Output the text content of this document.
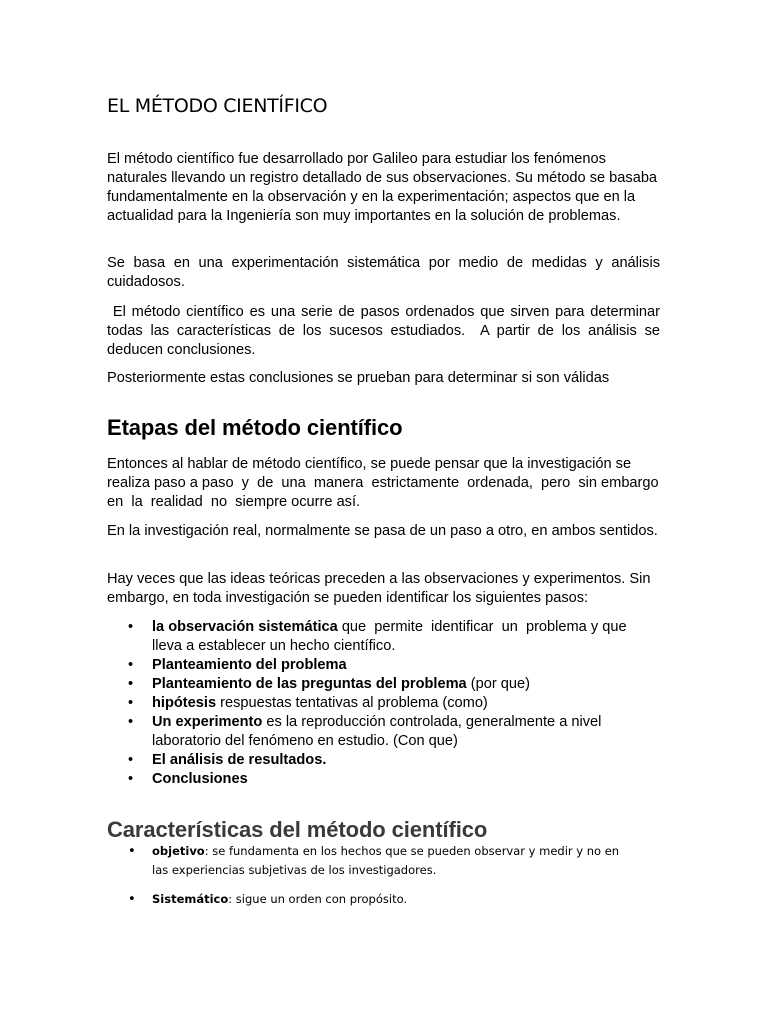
EL MÉTODO CIENTÍFICO

El método científico fue desarrollado por Galileo para estudiar los fenómenos naturales llevando un registro detallado de sus observaciones. Su método se basaba fundamentalmente en la observación y en la experimentación; aspectos que en la actualidad para la Ingeniería son muy importantes en la solución de problemas.

Se basa en una experimentación sistemática por medio de medidas y análisis cuidadosos.

El método científico es una serie de pasos ordenados que sirven para determinar todas las características de los sucesos estudiados.  A partir de los análisis se deducen conclusiones.

Posteriormente estas conclusiones se prueban para determinar si son válidas

Etapas del método científico

Entonces al hablar de método científico, se puede pensar que la investigación se realiza paso a paso  y  de  una  manera  estrictamente  ordenada,  pero  sin embargo  en  la  realidad  no  siempre ocurre así.

En la investigación real, normalmente se pasa de un paso a otro, en ambos sentidos.

Hay veces que las ideas teóricas preceden a las observaciones y experimentos. Sin embargo, en toda investigación se pueden identificar los siguientes pasos:

• la observación sistemática que  permite  identificar  un  problema y que lleva a establecer un hecho científico.
• Planteamiento del problema
• Planteamiento de las preguntas del problema (por que)
• hipótesis respuestas tentativas al problema (como)
• Un experimento es la reproducción controlada, generalmente a nivel laboratorio del fenómeno en estudio. (Con que)
• El análisis de resultados.
• Conclusiones
Características del método científico
• objetivo: se fundamenta en los hechos que se pueden observar y medir y no en las experiencias subjetivas de los investigadores.
• Sistemático: sigue un orden con propósito.
